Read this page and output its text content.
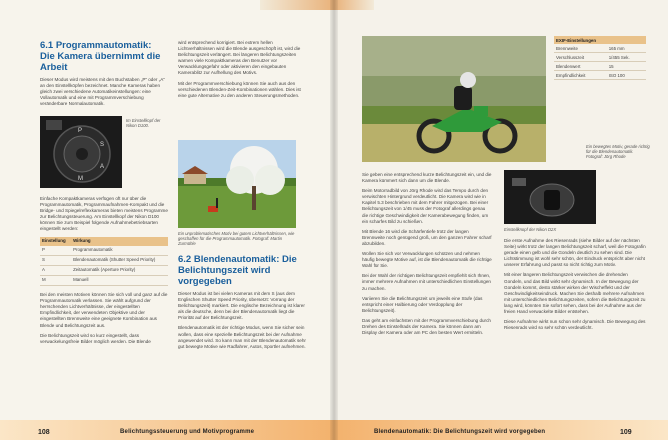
6.1 Programmautomatik: Die Kamera übernimmt die Arbeit

Dieser Modus wird meistens mit den Buchstaben „P“ oder „A“ an den Einstellköpfen bezeichnet. Manche Kameras haben gleich zwei verschiedene Automatikeinstellungen: eine Vollautomatik und eine mit Programmverschiebung veränderbare Normalautomatik.

P
S
A
M
Im Einstellkopf der Nikon D100.

Einfache Kompaktkameras verfügen oft nur über die Programmautomatik, Programmaufnahmen-Kompakt und die Bridge- und Spiegelreflexkameras bieten meistens Programme zur Belichtungssteuerung. Am Einstellkopf der Nikon D100 können Sie zum Beispiel folgende Aufnahmebetriebsarten eingestellt werden:

Einstellung	Wirkung
P	Programmautomatik
S	Blendenautomatik (Shutter Speed Priority)
A	Zeitautomatik (Aperture Priority)
M	Manuell

Bei den meisten Motiven können Sie sich voll und ganz auf die Programmautomatik verlassen. Sie wählt aufgrund der herrschenden Lichtverhältnisse, der eingestellten Empfindlichkeit, der verwendeten Objektive und der eingestellten Brennweite eine geeignete Kombination aus Blende und Belichtungszeit aus.

Die Belichtungszeit wird so kurz eingestellt, dass verwackelungsfreie Bilder möglich werden. Die Blende

wird entsprechend korrigiert. Bei extrem hellen Lichtverhältnissen wird die Blende ausgeschöpft ist, wird die Belichtungszeit verlängert. Bei längeren Belichtungszeiten warnen viele Kompaktkameras den Benutzer vor Verwacklungsgefahr oder aktivieren den eingebauten Kamerablitz zur Aufhellung des Motivs.

Mit der Programmverschiebung können Sie auch aus den verschiedenen Blenden-Zeit-Kombinationen wählen. Dies ist eine gute Alternative zu den anderen Steuerungsmethoden.

Ein unproblematisches Motiv bei gutem Lichtverhältnissen, wie geschaffen für die Programmautomatik. Fotograf: Martin Zurmühle
6.2 Blendenautomatik: Die Belichtungszeit wird vorgegeben

Dieser Modus ist bei vielen Kameras mit dem S (aus dem Englischen Shutter Speed Priority, übersetzt: Vorrang der Belichtungszeit) markiert. Die englische Bezeichnung ist klarer als die deutsche, denn bei der Blendenautomatik liegt die Priorität auf der Belichtungszeit.

Blendenautomatik ist der richtige Modus, wenn Sie sicher sein wollen, dass eine spezielle Belichtungszeit bei der Aufnahme angewendet wird. So kann man mit der Blendenautomatik sehr gut bewegte Motive wie Radfahrer, Autos, Sportler aufnehmen.

108	Belichtungssteuerung und Motivprogramme
EXIF-Einstellungen	
Brennweite	165 mm
Verschlusszeit	1/455 Sek.
Blendenwert	15
Empfindlichkeit	ISO 100
Ein bewegtes Motiv, gerade richtig für die Blendenautomatik. Fotograf: Jörg Rhode

Sie geben eine entsprechend kurze Belichtungszeit ein, und die Kamera kümmert sich dann um die Blende.

Beim Motorradbild von Jörg Rhode wird das Tempo durch den verwischten Hintergrund verdeutlicht. Die Kamera wird wie in Kapitel 5.3 beschrieben mit dem Fahrer mitgezogen. Bei einer Belichtungszeit von 1/45 muss der Fotograf allerdings genau die richtige Geschwindigkeit der Kamerabewegung finden, um ein scharfes Bild zu schießen.

Mit Blende 16 wird die Schärfentiefe trotz der langen Brennweite noch genügend groß, um den ganzen Fahrer scharf abzubilden.

Wollen Sie sich vor Verwacklungen schützen und nehmen häufig bewegte Motive auf, ist die Blendenautomatik die richtige Wahl für Sie.

Bei der Wahl der richtigen Belichtungszeit empfiehlt sich Ihnen, immer mehrere Aufnahmen mit unterschiedlichen Einstellungen zu machen.

Variieren Sie die Belichtungszeit um jeweils eine Stufe (das entspricht einer Halbierung oder Verdopplung der Belichtungszeit).

Das geht am einfachsten mit der Programmverschiebung durch Drehen des Einstellrads der Kamera. Sie können dann am Display der Kamera oder am PC den besten Wert ermitteln.

Einstellknopf der Nikon D2X

Die erste Aufnahme des Riesenrads (siehe Bilder auf der nächsten Seite) wirkt trotz der langen Belichtungszeit scharf, weil die Fotografin gerade einen gelb und die Gondeln deutlich zu sehen sind. Die Lichtstimmung ist wohl sehr schön, der Eindruck entspricht aber nicht unserer Erfahrung und passt so nicht richtig zum Motiv.

Mit einer längeren Belichtungszeit verwischen die drehenden Gondeln, und das Bild wirkt sehr dynamisch. In der Bewegung der Gondeln kommt, desto stärker wirken der Wischeffekt und der Geschwindigkeitseindruck. Machen Sie deshalb mehrere Aufnahmen mit unterschiedlichen Belichtungszeiten, sofern die Belichtungszeit zu lang wird, könnten Sie sofort sehen, dass bei der Aufnahme aus der freien Hand verwackelte Bilder entstehen.

Diese Aufnahme wirkt nun schon sehr dynamisch. Die Bewegung des Riesenrads wird so sehr schön verdeutlicht.

Blendenautomatik: Die Belichtungszeit wird vorgegeben	109
